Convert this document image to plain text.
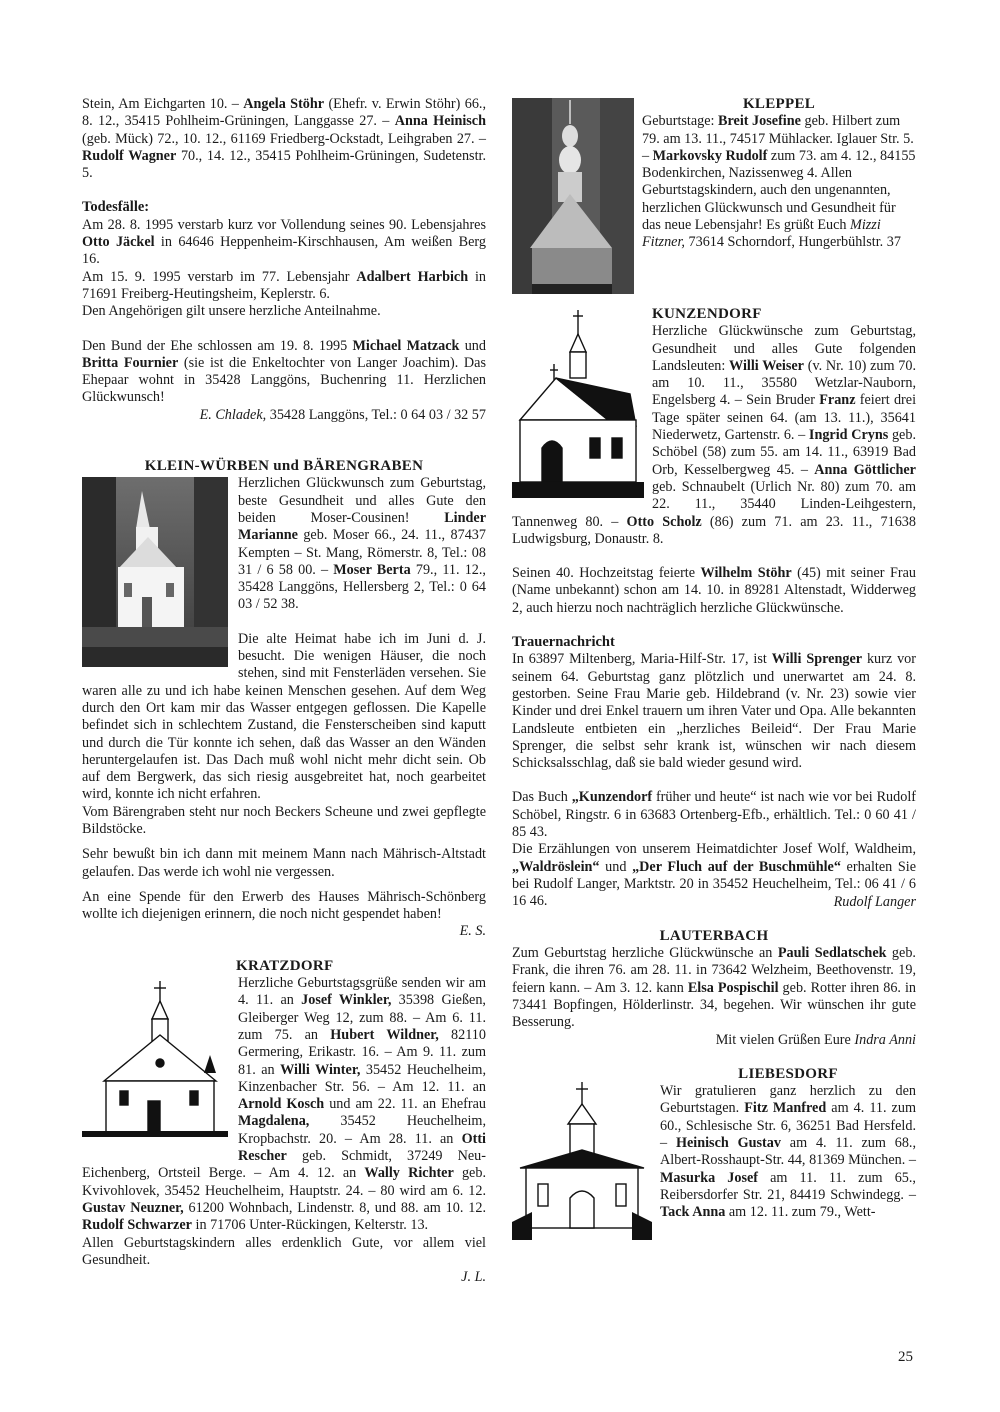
Stein, Am Eichgarten 10. – Angela Stöhr (Ehefr. v. Erwin Stöhr) 66., 8. 12., 35415 Pohlheim-Grüningen, Langgasse 27. – Anna Heinisch (geb. Mück) 72., 10. 12., 61169 Friedberg-Ockstadt, Leihgraben 27. – Rudolf Wagner 70., 14. 12., 35415 Pohlheim-Grüningen, Sudetenstr. 5.

Todesfälle:

Am 28. 8. 1995 verstarb kurz vor Vollendung seines 90. Lebensjahres Otto Jäckel in 64646 Heppenheim-Kirschhausen, Am weißen Berg 16.

Am 15. 9. 1995 verstarb im 77. Lebensjahr Adalbert Harbich in 71691 Freiberg-Heutingsheim, Keplerstr. 6.

Den Angehörigen gilt unsere herzliche Anteilnahme.

Den Bund der Ehe schlossen am 19. 8. 1995 Michael Matzack und Britta Fournier (sie ist die Enkeltochter von Langer Joachim). Das Ehepaar wohnt in 35428 Langgöns, Buchenring 11. Herzlichen Glückwunsch!

E. Chladek, 35428 Langgöns, Tel.: 0 64 03 / 32 57

KLEIN-WÜRBEN und BÄRENGRABEN

Herzlichen Glückwunsch zum Geburtstag, beste Gesundheit und alles Gute den beiden Moser-Cousinen! Linder Marianne geb. Moser 66., 24. 11., 87437 Kempten – St. Mang, Römerstr. 8, Tel.: 08 31 / 6 58 00. – Moser Berta 79., 11. 12., 35428 Langgöns, Hellersberg 2, Tel.: 0 64 03 / 52 38.

Die alte Heimat habe ich im Juni d. J. besucht. Die wenigen Häuser, die noch stehen, sind mit Fensterläden versehen. Sie waren alle zu und ich habe keinen Menschen gesehen. Auf dem Weg durch den Ort kam mir das Wasser entgegen geflossen. Die Kapelle befindet sich in schlechtem Zustand, die Fensterscheiben sind kaputt und durch die Tür konnte ich sehen, daß das Wasser an den Wänden heruntergelaufen ist. Das Dach muß wohl nicht mehr dicht sein. Ob auf dem Bergwerk, das sich riesig ausgebreitet hat, noch gearbeitet wird, konnte ich nicht erfahren.

Vom Bärengraben steht nur noch Beckers Scheune und zwei gepflegte Bildstöcke.

Sehr bewußt bin ich dann mit meinem Mann nach Mährisch-Altstadt gelaufen. Das werde ich wohl nie vergessen.

An eine Spende für den Erwerb des Hauses Mährisch-Schönberg wollte ich diejenigen erinnern, die noch nicht gespendet haben!

E. S.

KRATZDORF

Herzliche Geburtstagsgrüße senden wir am 4. 11. an Josef Winkler, 35398 Gießen, Gleiberger Weg 12, zum 88. – Am 6. 11. zum 75. an Hubert Wildner, 82110 Germering, Erikastr. 16. – Am 9. 11. zum 81. an Willi Winter, 35452 Heuchelheim, Kinzenbacher Str. 56. – Am 12. 11. an Arnold Kosch und am 22. 11. an Ehefrau Magdalena, 35452 Heuchelheim, Kropbachstr. 20. – Am 28. 11. an Otti Rescher geb. Schmidt, 37249 Neu-Eichenberg, Ortsteil Berge. – Am 4. 12. an Wally Richter geb. Kvivohlovek, 35452 Heuchelheim, Hauptstr. 24. – 80 wird am 6. 12. Gustav Neuzner, 61200 Wohnbach, Lindenstr. 8, und 88. am 10. 12. Rudolf Schwarzer in 71706 Unter-Rückingen, Kelterstr. 13.

Allen Geburtstagskindern alles erdenklich Gute, vor allem viel Gesundheit.

J. L.

KLEPPEL

Geburtstage: Breit Josefine geb. Hilbert zum 79. am 13. 11., 74517 Mühlacker. Iglauer Str. 5. – Markovsky Rudolf zum 73. am 4. 12., 84155 Bodenkirchen, Nazissenweg 4. Allen Geburtstagskindern, auch den ungenannten, herzlichen Glückwunsch und Gesundheit für das neue Lebensjahr! Es grüßt Euch Mizzi Fitzner, 73614 Schorndorf, Hungerbühlstr. 37

KUNZENDORF

Herzliche Glückwünsche zum Geburtstag, Gesundheit und alles Gute folgenden Landsleuten: Willi Weiser (v. Nr. 10) zum 70. am 10. 11., 35580 Wetzlar-Nauborn, Engelsberg 4. – Sein Bruder Franz feiert drei Tage später seinen 64. (am 13. 11.), 35641 Niederwetz, Gartenstr. 6. – Ingrid Cryns geb. Schöbel (58) zum 55. am 14. 11., 63919 Bad Orb, Kesselbergweg 45. – Anna Göttlicher geb. Schnaubelt (Urlich Nr. 80) zum 70. am 22. 11., 35440 Linden-Leihgestern, Tannenweg 80. – Otto Scholz (86) zum 71. am 23. 11., 71638 Ludwigsburg, Donaustr. 8.

Seinen 40. Hochzeitstag feierte Wilhelm Stöhr (45) mit seiner Frau (Name unbekannt) schon am 14. 10. in 89281 Altenstadt, Widderweg 2, auch hierzu noch nachträglich herzliche Glückwünsche.

Trauernachricht

In 63897 Miltenberg, Maria-Hilf-Str. 17, ist Willi Sprenger kurz vor seinem 64. Geburtstag ganz plötzlich und unerwartet am 24. 8. gestorben. Seine Frau Marie geb. Hildebrand (v. Nr. 23) sowie vier Kinder und drei Enkel trauern um ihren Vater und Opa. Alle bekannten Landsleute entbieten ein „herzliches Beileid“. Der Frau Marie Sprenger, die selbst sehr krank ist, wünschen wir nach diesem Schicksalsschlag, daß sie bald wieder gesund wird.

Das Buch „Kunzendorf früher und heute“ ist nach wie vor bei Rudolf Schöbel, Ringstr. 6 in 63683 Ortenberg-Efb., erhältlich. Tel.: 0 60 41 / 85 43.

Die Erzählungen von unserem Heimatdichter Josef Wolf, Waldheim, „Waldröslein“ und „Der Fluch auf der Buschmühle“ erhalten Sie bei Rudolf Langer, Marktstr. 20 in 35452 Heuchelheim, Tel.: 06 41 / 6 16 46.	Rudolf Langer

LAUTERBACH

Zum Geburtstag herzliche Glückwünsche an Pauli Sedlatschek geb. Frank, die ihren 76. am 28. 11. in 73642 Welzheim, Beethovenstr. 19, feiern kann. – Am 3. 12. kann Elsa Pospischil geb. Rotter ihren 86. in 73441 Bopfingen, Hölderlinstr. 34, begehen. Wir wünschen ihr gute Besserung.

Mit vielen Grüßen Eure Indra Anni

LIEBESDORF

Wir gratulieren ganz herzlich zu den Geburtstagen. Fitz Manfred am 4. 11. zum 60., Schlesische Str. 6, 36251 Bad Hersfeld. – Heinisch Gustav am 4. 11. zum 68., Albert-Rosshaupt-Str. 44, 81369 München. – Masurka Josef am 11. 11. zum 65., Reibersdorfer Str. 21, 84419 Schwindegg. – Tack Anna am 12. 11. zum 79., Wett-

25
